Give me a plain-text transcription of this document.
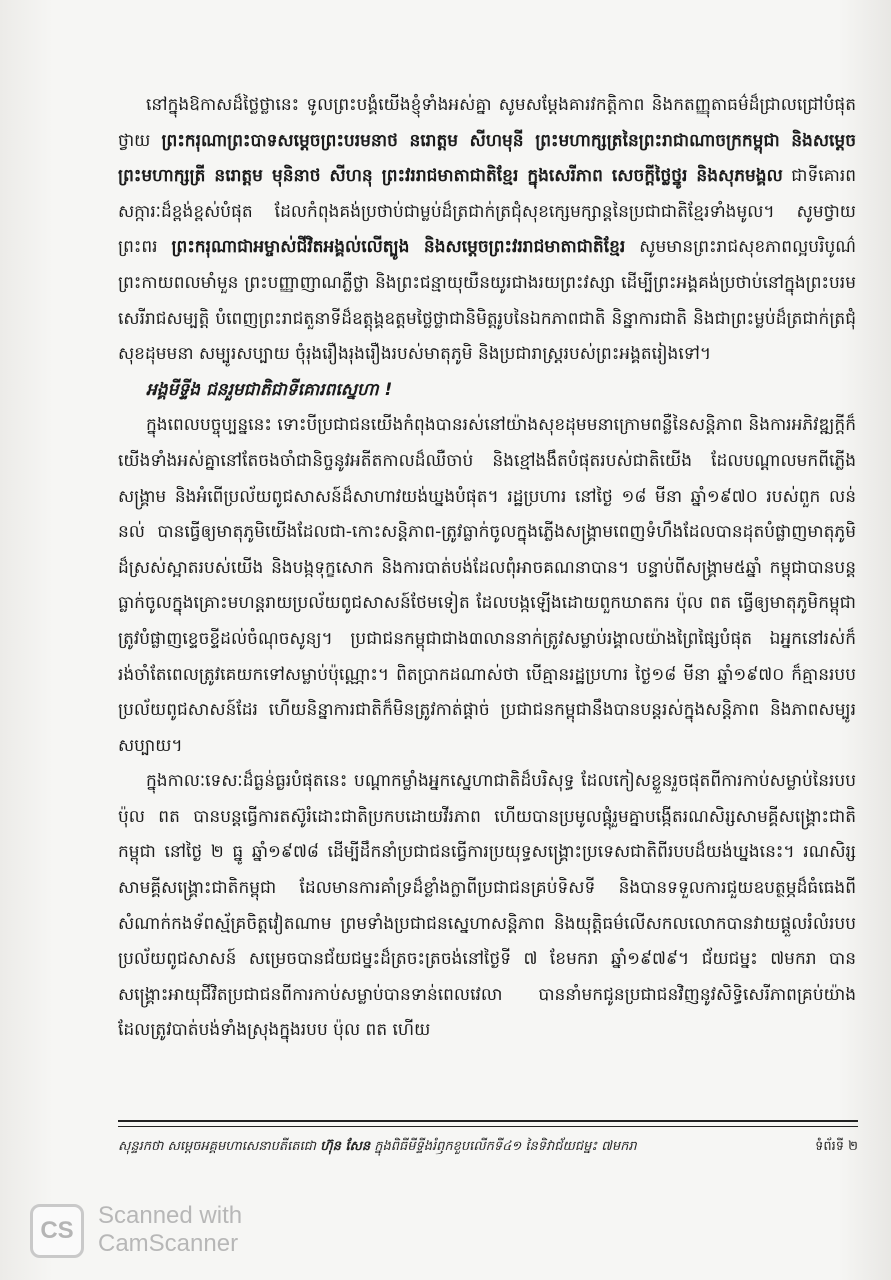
នៅក្នុងឱកាសដ៏ថ្លៃថ្លានេះ ទូលព្រះបង្គំយើងខ្ញុំទាំងអស់គ្នា សូមសម្តែងគារវកត្តិកាព និងកតញ្ញុតាធម៌ដ៏ជ្រាលជ្រៅបំផុត ថ្វាយ ព្រះករុណាព្រះបាទសម្តេចព្រះបរមនាថ នរោត្តម សីហមុនី ព្រះមហាក្សត្រនៃព្រះរាជាណាចក្រកម្ពុជា និងសម្តេចព្រះមហាក្សត្រី នរោត្តម មុនិនាថ សីហនុ ព្រះវររាជមាតាជាតិខ្មែរ ក្នុងសេរីភាព សេចក្តីថ្លៃថ្នូរ និងសុភមង្គល ជាទីគោរពសក្ការៈដ៏ខ្ពង់ខ្ពស់បំផុត ដែលកំពុងគង់ប្រថាប់ជាម្លប់ដ៏ត្រជាក់ត្រជុំសុខក្សេមក្សាន្តនៃប្រជាជាតិខ្មែរទាំងមូល។ សូមថ្វាយព្រះពរ ព្រះករុណាជាអម្ចាស់ជីវិតអង្គល់លើត្បូង និងសម្តេចព្រះវររាជមាតាជាតិខ្មែរ សូមមានព្រះរាជសុខភាពល្អបរិបូណ៌ ព្រះកាយពលមាំមួន ព្រះបញ្ញាញាណភ្លឺថ្លា និងព្រះជន្មាយុយឺនយូរជាងរយព្រះវស្សា ដើម្បីព្រះអង្គគង់ប្រថាប់នៅក្នុងព្រះបរមសេរីរាជសម្បត្តិ បំពេញព្រះរាជតួនាទីដ៏ឧត្តុង្គឧត្តមថ្លៃថ្លាជានិមិត្តរូបនៃឯកភាពជាតិ និន្នាការជាតិ និងជាព្រះម្លប់ដ៏ត្រជាក់ត្រជុំសុខដុមមនា សម្បូរសប្បាយ ចុំរុងរឿងរុងរឿងរបស់មាតុភូមិ និងប្រជារាស្ត្ររបស់ព្រះអង្គតរៀងទៅ។

អង្គមីទ្ទីង ជនរួមជាតិជាទីគោរពស្នេហា !

ក្នុងពេលបច្ចុប្បន្ននេះ ទោះបីប្រជាជនយើងកំពុងបានរស់នៅយ៉ាងសុខដុមមនាក្រោមពន្លឺនៃសន្តិភាព និងការអភិវឌ្ឍក្តីក៏យើងទាំងអស់គ្នានៅតែចងចាំជានិច្ចនូវអតីតកាលដ៏ឈឺចាប់ និងខ្មៅងងឹតបំផុតរបស់ជាតិយើង ដែលបណ្តាលមកពីភ្លើងសង្គ្រាម និងអំពើប្រល័យពូជសាសន៍ដ៏សាហាវយង់ឃ្នងបំផុត។ រដ្ឋប្រហារ នៅថ្ងៃ ១៨ មីនា ឆ្នាំ១៩៧០ របស់ពួក លន់ នល់ បានធ្វើឲ្យមាតុភូមិយើងដែលជា-កោះសន្តិភាព-ត្រូវធ្លាក់ចូលក្នុងភ្លើងសង្គ្រាមពេញទំហឹងដែលបានដុតបំផ្លាញមាតុភូមិដ៏ស្រស់ស្អាតរបស់យើង និងបង្កទុក្ខសោក និងការបាត់បង់ដែលពុំអាចគណនាបាន។ បន្ទាប់ពីសង្គ្រាម៥ឆ្នាំ កម្ពុជាបានបន្តធ្លាក់ចូលក្នុងគ្រោះមហន្តរាយប្រល័យពូជសាសន៍ថែមទៀត ដែលបង្កឡើងដោយពួកឃាតករ ប៉ុល ពត ធ្វើឲ្យមាតុភូមិកម្ពុជាត្រូវបំផ្លាញខ្ទេចខ្ទីដល់ចំណុចសូន្យ។ ប្រជាជនកម្ពុជាជាង៣លាននាក់ត្រូវសម្លាប់រង្គាលយ៉ាងព្រៃផ្សៃបំផុត ឯអ្នកនៅរស់ក៏រង់ចាំតែពេលត្រូវគេយកទៅសម្លាប់ប៉ុណ្ណោះ។ ពិតប្រាកដណាស់ថា បើគ្មានរដ្ឋប្រហារ ថ្ងៃ១៨ មីនា ឆ្នាំ១៩៧០ ក៏គ្មានរបបប្រល័យពូជសាសន៍ដែរ ហើយនិន្នាការជាតិក៏មិនត្រូវកាត់ផ្តាច់ ប្រជាជនកម្ពុជានឹងបានបន្តរស់ក្នុងសន្តិភាព និងភាពសម្បូរសប្បាយ។

ក្នុងកាលៈទេសៈដ៏ធ្ងន់ធ្ងរបំផុតនេះ បណ្តាកម្លាំងអ្នកស្នេហាជាតិដ៏បរិសុទ្ធ ដែលកៀសខ្លួនរួចផុតពីការកាប់សម្លាប់នៃរបប ប៉ុល ពត បានបន្តធ្វើការតស៊ូរំដោះជាតិប្រកបដោយវីរភាព ហើយបានប្រមូលផ្តុំរួមគ្នាបង្កើតរណសិរ្សសាមគ្គីសង្គ្រោះជាតិកម្ពុជា នៅថ្ងៃ ២ ធ្នូ ឆ្នាំ១៩៧៨ ដើម្បីដឹកនាំប្រជាជនធ្វើការប្រយុទ្ធសង្គ្រោះប្រទេសជាតិពីរបបដ៏យង់ឃ្នងនេះ។ រណសិរ្សសាមគ្គីសង្គ្រោះជាតិកម្ពុជា ដែលមានការគាំទ្រដ៏ខ្លាំងក្លាពីប្រជាជនគ្រប់ទិសទី និងបានទទួលការជួយឧបត្ថម្ភដ៏ធំធេងពីសំណាក់កងទ័ពស្ម័គ្រចិត្តវៀតណាម ព្រមទាំងប្រជាជនស្នេហាសន្តិភាព និងយុត្តិធម៌លើសកលលោកបានវាយផ្តួលរំលំរបបប្រល័យពូជសាសន៍ សម្រេចបានជ័យជម្នះដ៏ត្រចះត្រចង់នៅថ្ងៃទី ៧ ខែមករា ឆ្នាំ១៩៧៩។ ជ័យជម្នះ ៧មករា បានសង្គ្រោះអាយុជីវិតប្រជាជនពីការកាប់សម្លាប់បានទាន់ពេលវេលា បាននាំមកជូនប្រជាជនវិញនូវសិទ្ធិសេរីភាពគ្រប់យ៉ាង ដែលត្រូវបាត់បង់ទាំងស្រុងក្នុងរបប ប៉ុល ពត ហើយ

សុន្ទរកថា សម្តេចអគ្គមហាសេនាបតីតេជោ ហ៊ុន សែន ក្នុងពិធីមីទ្ទីងរំឭកខួបលើកទី៤១ នៃទិវាជ័យជម្នះ ៧មករា	ទំព័រទី ២
CS
Scanned with
CamScanner
